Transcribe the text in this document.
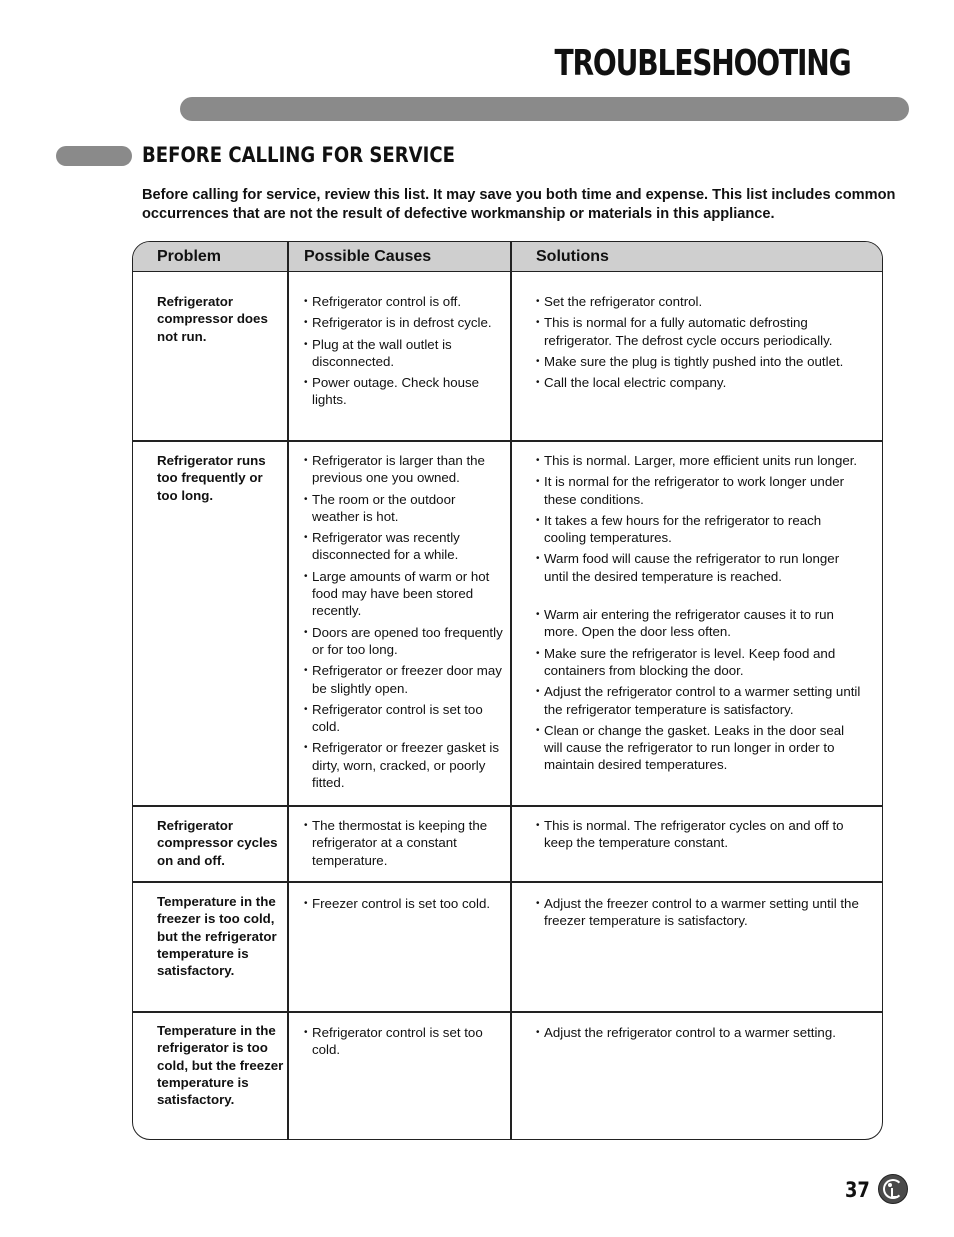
TROUBLESHOOTING
BEFORE CALLING FOR SERVICE
Before calling for service, review this list. It may save you both time and expense. This list includes common occurrences that are not the result of defective workmanship or materials in this appliance.
Problem	Possible Causes	Solutions
Refrigerator compressor does not run.
• Refrigerator control is off.
• Refrigerator is in defrost cycle.
• Plug at the wall outlet is disconnected.
• Power outage. Check house lights.
• Set the refrigerator control.
• This is normal for a fully automatic defrosting refrigerator. The defrost cycle occurs periodically.
• Make sure the plug is tightly pushed into the outlet.
• Call the local electric company.
Refrigerator runs too frequently or too long.
• Refrigerator is larger than the previous one you owned.
• The room or the outdoor weather is hot.
• Refrigerator was recently disconnected for a while.
• Large amounts of warm or hot food may have been stored recently.
• Doors are opened too frequently or for too long.
• Refrigerator or freezer door may be slightly open.
• Refrigerator control is set too cold.
• Refrigerator or freezer gasket is dirty, worn, cracked, or poorly fitted.
• This is normal. Larger, more efficient units run longer.
• It is normal for the refrigerator to work longer under these conditions.
• It takes a few hours for the refrigerator to reach cooling temperatures.
• Warm food will cause the refrigerator to run longer until the desired temperature is reached.
• Warm air entering the refrigerator causes it to run more. Open the door less often.
• Make sure the refrigerator is level. Keep food and containers from blocking the door.
• Adjust the refrigerator control to a warmer setting until the refrigerator temperature is satisfactory.
• Clean or change the gasket. Leaks in the door seal will cause the refrigerator to run longer in order to maintain desired temperatures.
Refrigerator compressor cycles on and off.
• The thermostat is keeping the refrigerator at a constant temperature.
• This is normal. The refrigerator cycles on and off to keep the temperature constant.
Temperature in the freezer is too cold, but the refrigerator temperature is satisfactory.
• Freezer control is set too cold.
•	Adjust the freezer control to a warmer setting until the freezer temperature is satisfactory.
Temperature in the refrigerator is too cold, but the freezer temperature is satisfactory.
• Refrigerator control is set too cold.
• Adjust the refrigerator control to a warmer setting.
37
